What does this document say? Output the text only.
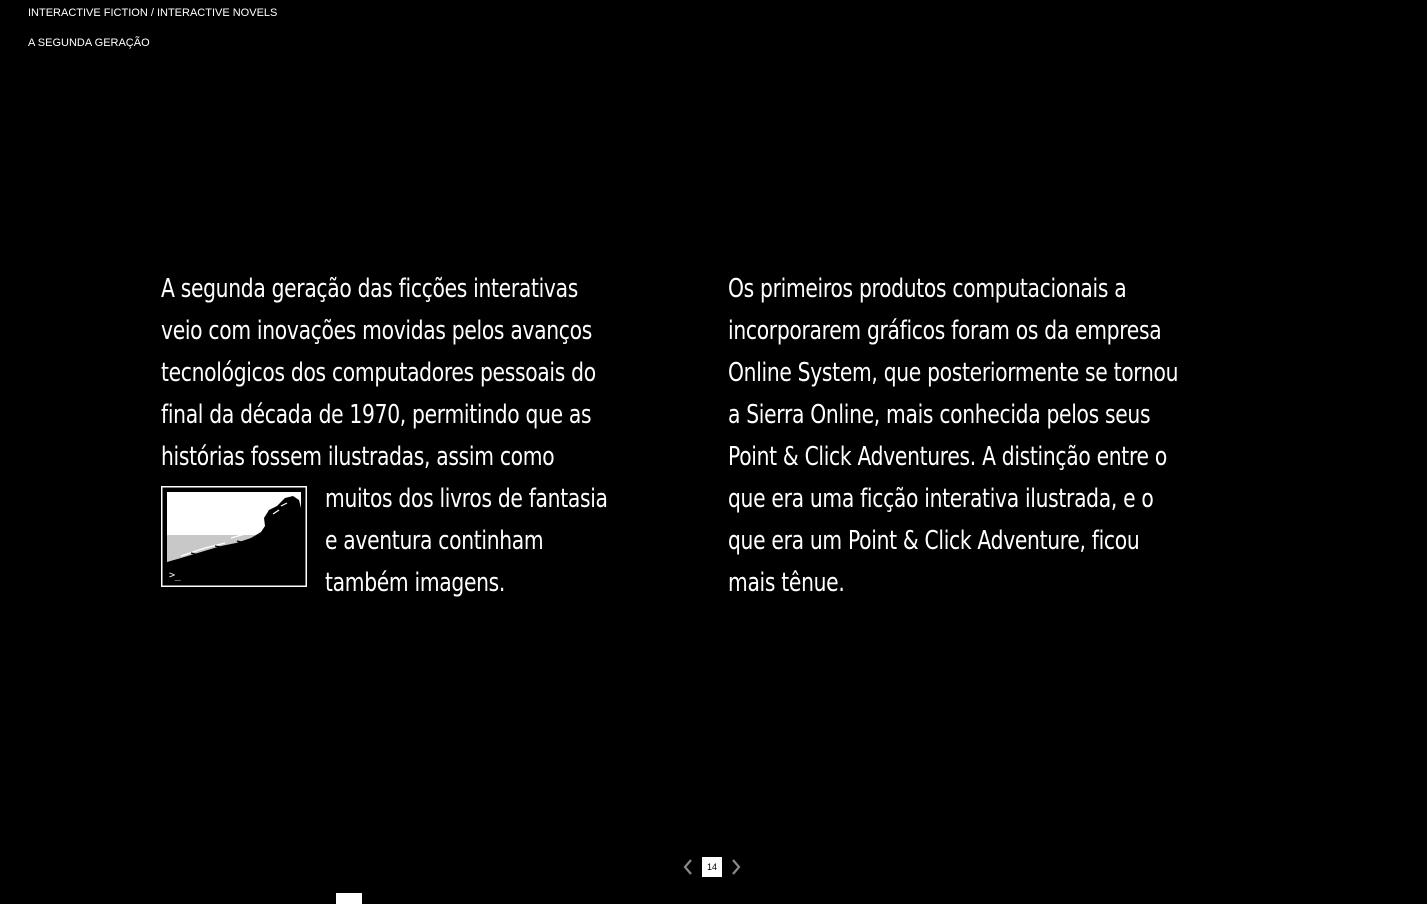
INTERACTIVE FICTION / INTERACTIVE NOVELS
A SEGUNDA GERAÇÃO

A segunda geração das ficções interativas

veio com inovações movidas pelos avanços

tecnológicos dos computadores pessoais do

final da década de 1970, permitindo que as

histórias fossem ilustradas, assim como

>_
muitos dos livros de fantasia
e aventura continham
também imagens.

Os primeiros produtos computacionais a

incorporarem gráficos foram os da empresa

Online System, que posteriormente se tornou

a Sierra Online, mais conhecida pelos seus

Point & Click Adventures. A distinção entre o

que era uma ficção interativa ilustrada, e o

que era um Point & Click Adventure, ficou

mais tênue.

14
